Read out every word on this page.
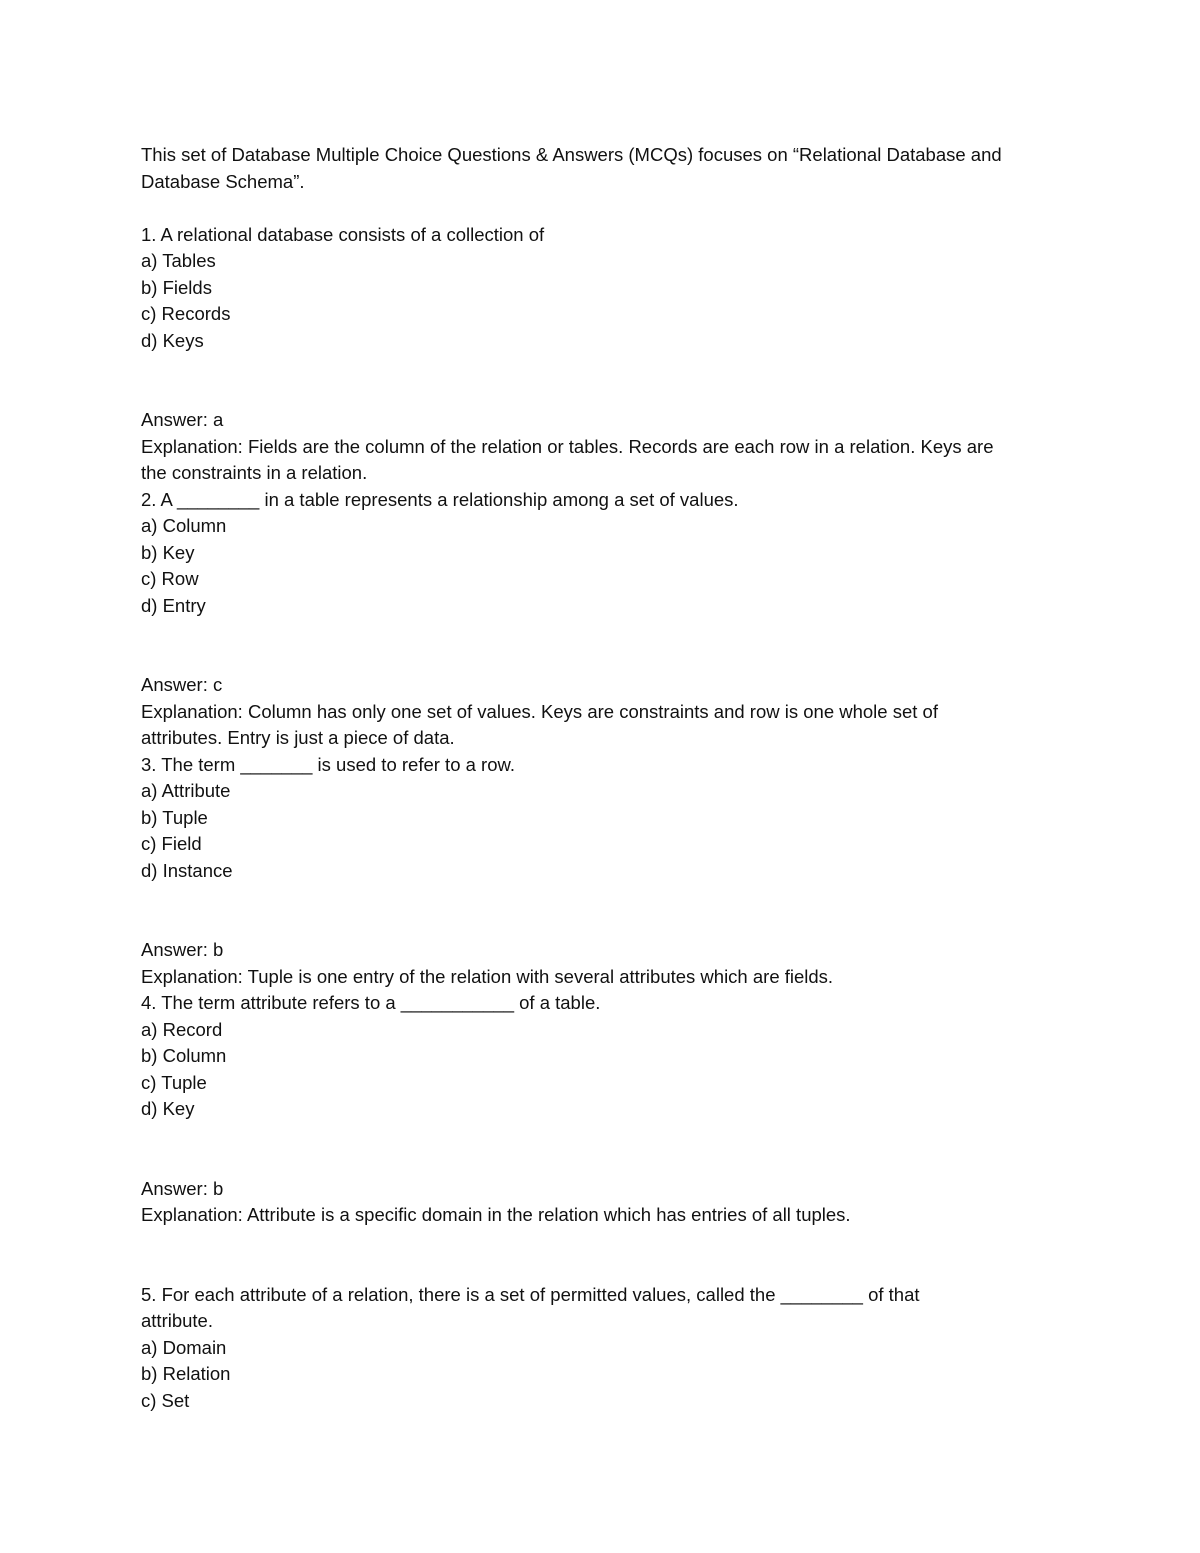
This set of Database Multiple Choice Questions & Answers (MCQs) focuses on “Relational Database and
Database Schema”.

1. A relational database consists of a collection of
a) Tables
b) Fields
c) Records
d) Keys
Answer: a
Explanation: Fields are the column of the relation or tables. Records are each row in a relation. Keys are
the constraints in a relation.
2. A ________ in a table represents a relationship among a set of values.
a) Column
b) Key
c) Row
d) Entry
Answer: c
Explanation: Column has only one set of values. Keys are constraints and row is one whole set of
attributes. Entry is just a piece of data.
3. The term _______ is used to refer to a row.
a) Attribute
b) Tuple
c) Field
d) Instance
Answer: b
Explanation: Tuple is one entry of the relation with several attributes which are fields.
4. The term attribute refers to a ___________ of a table.
a) Record
b) Column
c) Tuple
d) Key
Answer: b
Explanation: Attribute is a specific domain in the relation which has entries of all tuples.
5. For each attribute of a relation, there is a set of permitted values, called the ________ of that
attribute.
a) Domain
b) Relation
c) Set
